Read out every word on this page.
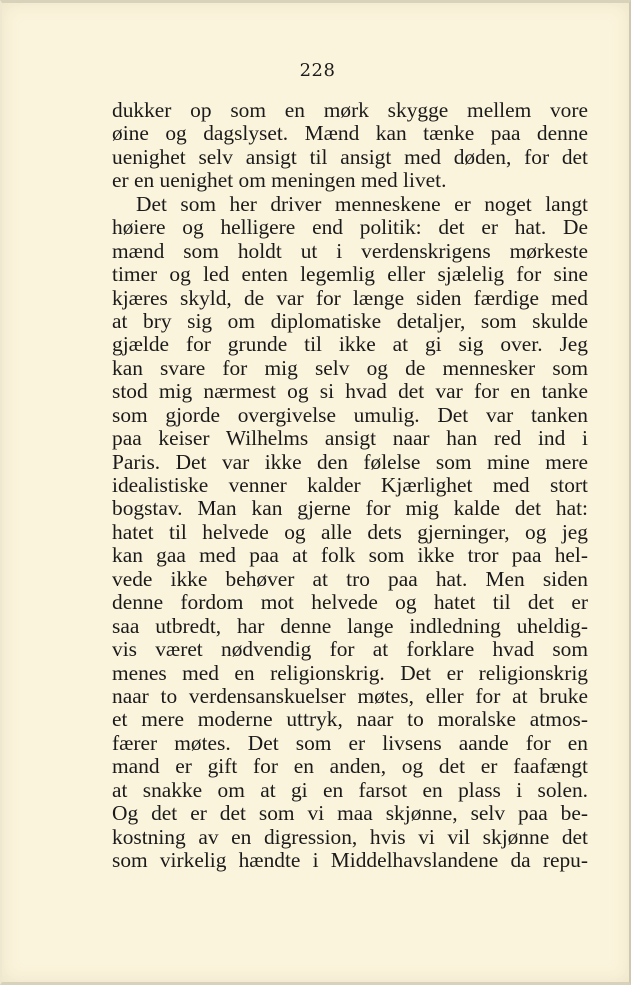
228
dukker op som en mørk skygge mellem vore
øine og dagslyset. Mænd kan tænke paa denne
uenighet selv ansigt til ansigt med døden, for det
er en uenighet om meningen med livet.
Det som her driver menneskene er noget langt
høiere og helligere end politik: det er hat. De
mænd som holdt ut i verdenskrigens mørkeste
timer og led enten legemlig eller sjælelig for sine
kjæres skyld, de var for længe siden færdige med
at bry sig om diplomatiske detaljer, som skulde
gjælde for grunde til ikke at gi sig over. Jeg
kan svare for mig selv og de mennesker som
stod mig nærmest og si hvad det var for en tanke
som gjorde overgivelse umulig. Det var tanken
paa keiser Wilhelms ansigt naar han red ind i
Paris. Det var ikke den følelse som mine mere
idealistiske venner kalder Kjærlighet med stort
bogstav. Man kan gjerne for mig kalde det hat:
hatet til helvede og alle dets gjerninger, og jeg
kan gaa med paa at folk som ikke tror paa hel-
vede ikke behøver at tro paa hat. Men siden
denne fordom mot helvede og hatet til det er
saa utbredt, har denne lange indledning uheldig-
vis været nødvendig for at forklare hvad som
menes med en religionskrig. Det er religionskrig
naar to verdensanskuelser møtes, eller for at bruke
et mere moderne uttryk, naar to moralske atmos-
færer møtes. Det som er livsens aande for en
mand er gift for en anden, og det er faafængt
at snakke om at gi en farsot en plass i solen.
Og det er det som vi maa skjønne, selv paa be-
kostning av en digression, hvis vi vil skjønne det
som virkelig hændte i Middelhavslandene da repu-
